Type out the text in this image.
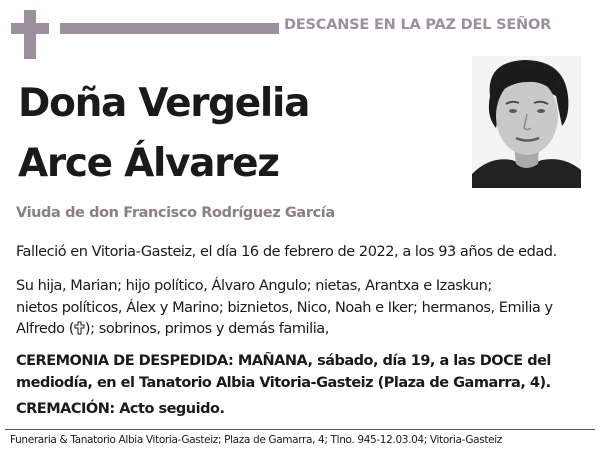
DESCANSE EN LA PAZ DEL SEÑOR
Doña Vergelia
Arce Álvarez
Viuda de don Francisco Rodríguez García
Falleció en Vitoria-Gasteiz, el día 16 de febrero de 2022, a los 93 años de edad.
Su hija, Marian; hijo político, Álvaro Angulo; nietas, Arantxa e Izaskun;
nietos políticos, Álex y Marino; biznietos, Nico, Noah e Iker; hermanos, Emilia y
Alfredo ( ); sobrinos, primos y demás familia,
CEREMONIA DE DESPEDIDA: MAÑANA, sábado, día 19, a las DOCE del
mediodía, en el Tanatorio Albia Vitoria-Gasteiz (Plaza de Gamarra, 4).
CREMACIÓN: Acto seguido.
Funeraria & Tanatorio Albia Vitoria-Gasteiz; Plaza de Gamarra, 4; Tlno. 945-12.03.04; Vitoria-Gasteiz
